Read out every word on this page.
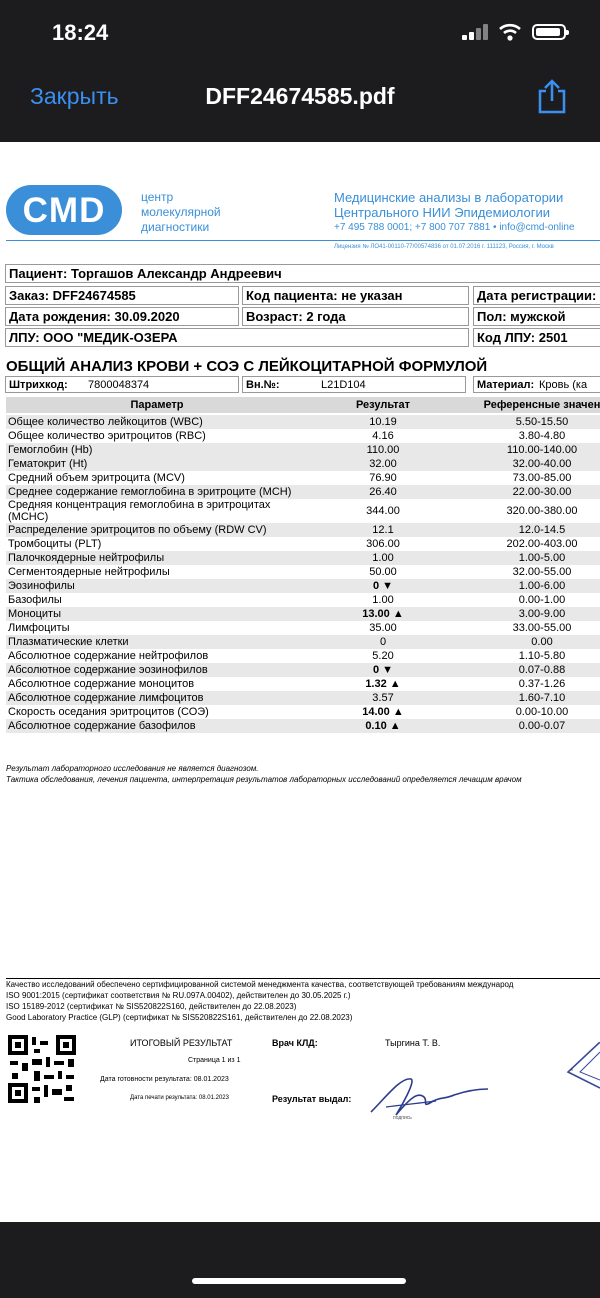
18:24
Закрыть	DFF24674585.pdf
CMD	центр
молекулярной
диагностики
Медицинские анализы в лаборатории
Центрального НИИ Эпидемиологии
+7 495 788 0001; +7 800 707 7881 • info@cmd-online
Лицензия № ЛО41-00110-77/00574836 от 01.07.2016 г. 111123, Россия, г. Москв
Пациент: Торгашов Александр Андреевич
Заказ: DFF24674585	Код пациента: не указан	Дата регистрации:
Дата рождения: 30.09.2020	Возраст: 2 года	Пол: мужской
ЛПУ: ООО "МЕДИК-ОЗЕРА	Код ЛПУ: 2501
ОБЩИЙ АНАЛИЗ КРОВИ + СОЭ С ЛЕЙКОЦИТАРНОЙ ФОРМУЛОЙ
Штрихкод: 7800048374	Вн.№:	L21D104	Материал: Кровь (ка
Параметр	Результат	Референсные значен
Общее количество лейкоцитов (WBC)	10.19	5.50-15.50
Общее количество эритроцитов (RBC)	4.16	3.80-4.80
Гемоглобин (Hb)	110.00	110.00-140.00
Гематокрит (Ht)	32.00	32.00-40.00
Средний объем эритроцита (MCV)	76.90	73.00-85.00
Среднее содержание гемоглобина в эритроците (MCH)	26.40	22.00-30.00
Средняя концентрация гемоглобина в эритроцитах (MCHC)	344.00	320.00-380.00
Распределение эритроцитов по объему (RDW CV)	12.1	12.0-14.5
Тромбоциты (PLT)	306.00	202.00-403.00
Палочкоядерные нейтрофилы	1.00	1.00-5.00
Сегментоядерные нейтрофилы	50.00	32.00-55.00
Эозинофилы	0 ▼	1.00-6.00
Базофилы	1.00	0.00-1.00
Моноциты	13.00 ▲	3.00-9.00
Лимфоциты	35.00	33.00-55.00
Плазматические клетки	0	0.00
Абсолютное содержание нейтрофилов	5.20	1.10-5.80
Абсолютное содержание эозинофилов	0 ▼	0.07-0.88
Абсолютное содержание моноцитов	1.32 ▲	0.37-1.26
Абсолютное содержание лимфоцитов	3.57	1.60-7.10
Скорость оседания эритроцитов (СОЭ)	14.00 ▲	0.00-10.00
Абсолютное содержание базофилов	0.10 ▲	0.00-0.07
Результат лабораторного исследования не является диагнозом.
Тактика обследования, лечения пациента, интерпретация результатов лабораторных исследований определяется лечащим врачом
Качество исследований обеспечено сертифицированной системой менеджмента качества, соответствующей требованиям международ
ISO 9001:2015 (сертификат соответствия № RU.097A.00402), действителен до 30.05.2025 г.)
ISO 15189-2012 (сертификат № SIS520822S160, действителен до 22.08.2023)
Good Laboratory Practice (GLP) (сертификат № SIS520822S161, действителен до 22.08.2023)
ИТОГОВЫЙ РЕЗУЛЬТАТ
Страница 1 из 1
Дата готовности результата: 08.01.2023
Дата печати результата: 08.01.2023
Врач КЛД:	Тыргина Т. В.
Результат выдал:
подпись
*
